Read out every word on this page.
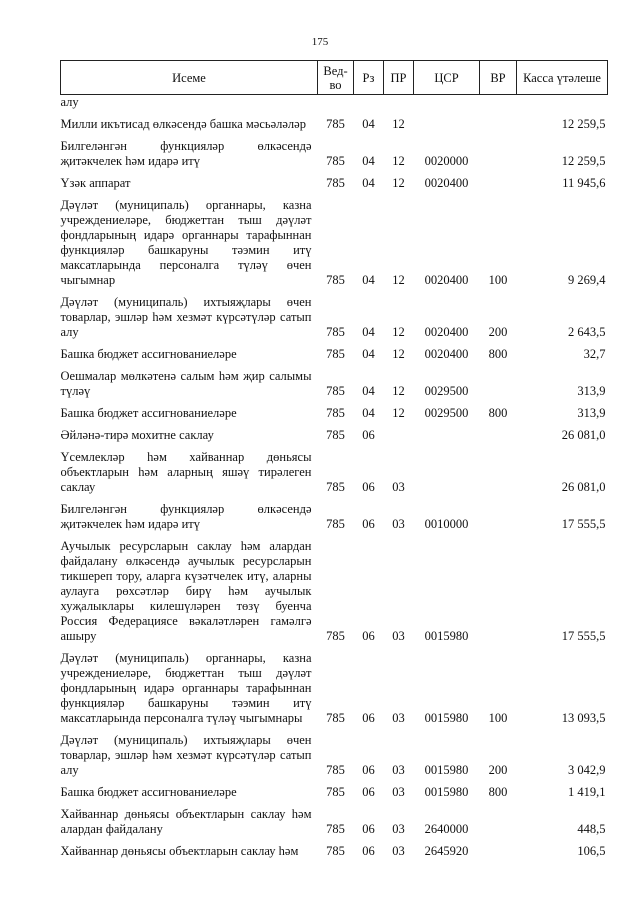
175
Исеме	Вед-во	Рз	ПР	ЦСР	ВР	Касса үтәлеше
алу						

Милли икътисад өлкәсендә башка мәсьәләләр	785	04	12			12 259,5

Билгеләнгән функцияләр өлкәсендә җитәкчелек һәм идарә итү	785	04	12	0020000		12 259,5

Үзәк аппарат	785	04	12	0020400		11 945,6

Дәүләт (муниципаль) органнары, казна учреждениеләре, бюджеттан тыш дәүләт фондларының идарә органнары тарафыннан функцияләр башкаруны тәэмин итү максатларында персоналга түләү өчен чыгымнар	785	04	12	0020400	100	9 269,4

Дәүләт (муниципаль) ихтыяҗлары өчен товарлар, эшләр һәм хезмәт күрсәтүләр сатып алу	785	04	12	0020400	200	2 643,5

Башка бюджет ассигнованиеләре	785	04	12	0020400	800	32,7

Оешмалар мөлкәтенә салым һәм җир салымы түләү	785	04	12	0029500		313,9

Башка бюджет ассигнованиеләре	785	04	12	0029500	800	313,9

Әйләнә-тирә мохитне саклау	785	06				26 081,0

Үсемлекләр һәм хайваннар дөньясы объектларын һәм аларның яшәү тирәлеген саклау	785	06	03			26 081,0

Билгеләнгән функцияләр өлкәсендә җитәкчелек һәм идарә итү	785	06	03	0010000		17 555,5

Аучылык ресурсларын саклау һәм алардан файдалану өлкәсендә аучылык ресурсларын тикшереп тору, аларга күзәтчелек итү, аларны аулауга рөхсәтләр бирү һәм аучылык хуҗалыклары килешүләрен төзү буенча Россия Федерациясе вәкаләтләрен гамәлгә ашыру	785	06	03	0015980		17 555,5

Дәүләт (муниципаль) органнары, казна учреждениеләре, бюджеттан тыш дәүләт фондларының идарә органнары тарафыннан функцияләр башкаруны тәэмин итү максатларында персоналга түләү чыгымнары	785	06	03	0015980	100	13 093,5

Дәүләт (муниципаль) ихтыяҗлары өчен товарлар, эшләр һәм хезмәт күрсәтүләр сатып алу	785	06	03	0015980	200	3 042,9

Башка бюджет ассигнованиеләре	785	06	03	0015980	800	1 419,1

Хайваннар дөньясы объектларын саклау һәм алардан файдалану	785	06	03	2640000		448,5

Хайваннар дөньясы объектларын саклау һәм	785	06	03	2645920		106,5
